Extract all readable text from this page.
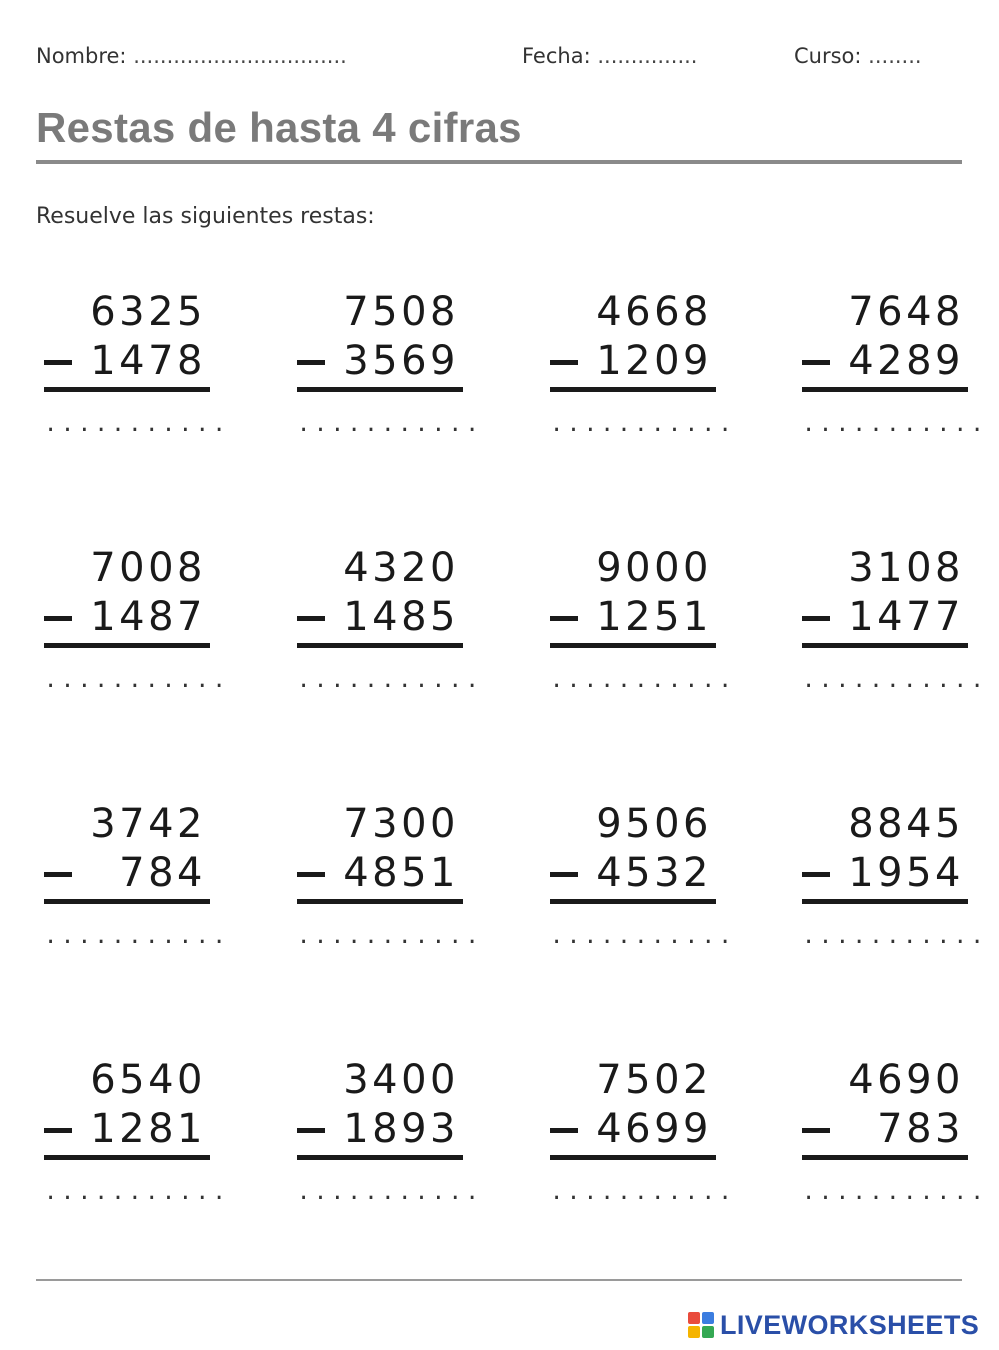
Nombre: ................................	Fecha: ...............	Curso: ........
Restas de hasta 4 cifras
Resuelve las siguientes restas:
6325
1478
...........
7508
3569
...........
4668
1209
...........
7648
4289
...........
7008
1487
...........
4320
1485
...........
9000
1251
...........
3108
1477
...........
3742
784
...........
7300
4851
...........
9506
4532
...........
8845
1954
...........
6540
1281
...........
3400
1893
...........
7502
4699
...........
4690
783
...........
LIVEWORKSHEETS
